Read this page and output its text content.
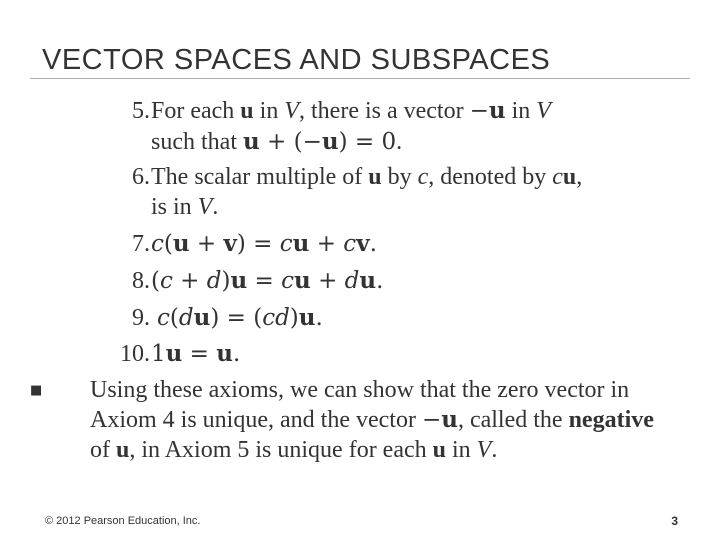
VECTOR SPACES AND SUBSPACES
5. For each u in V, there is a vector −u in V
such that u + (−u) = 0.
6. The scalar multiple of u by c, denoted by cu,
is in V.
7. c(u + v) = cu + cv.
8. (c + d)u = cu + du.
9. c(du) = (cd)u.
10. 1u = u.
■ Using these axioms, we can show that the zero vector in Axiom 4 is unique, and the vector −u, called the negative of u, in Axiom 5 is unique for each u in V.
© 2012 Pearson Education, Inc.	3
